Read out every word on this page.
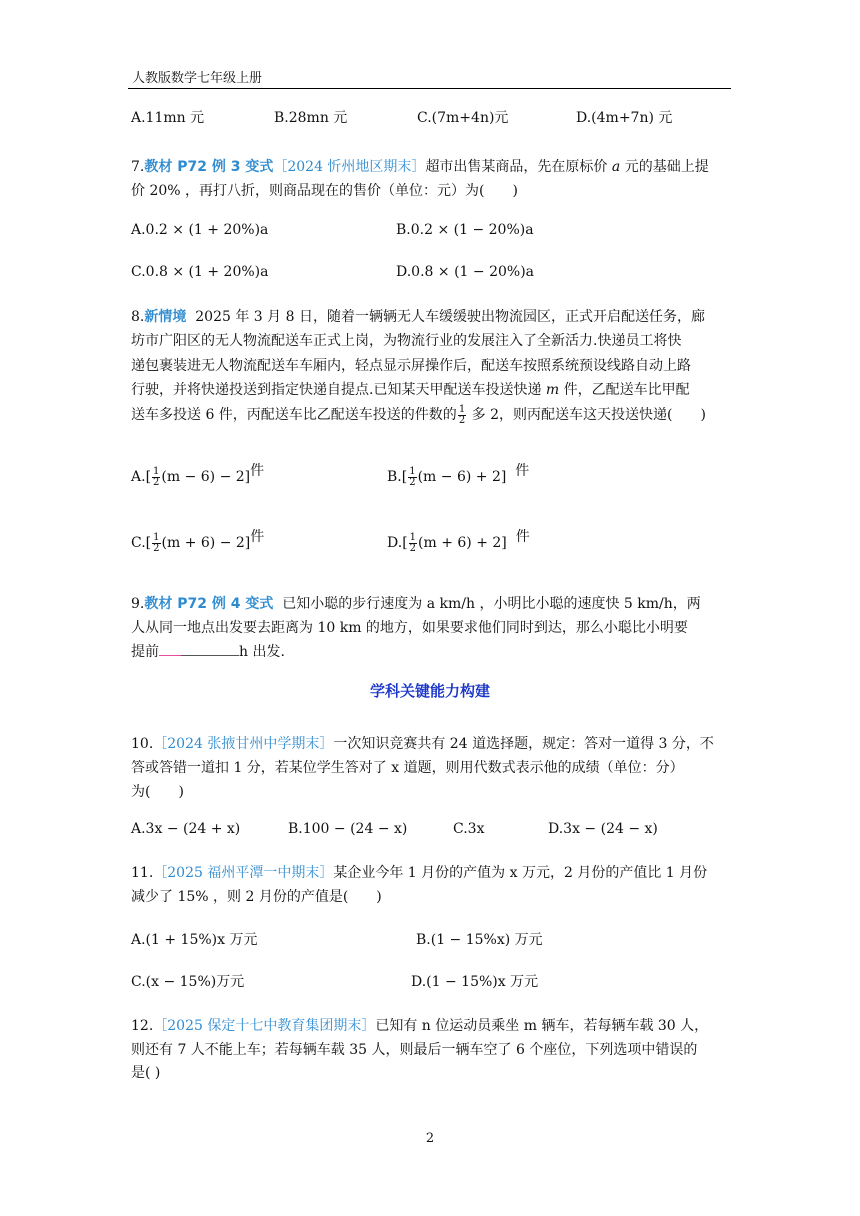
人教版数学七年级上册
A.11mn 元	B.28mn 元	C.(7m+4n)元	D.(4m+7n) 元
7.教材 P72 例 3 变式［2024 忻州地区期末］超市出售某商品，先在原标价 a 元的基础上提
价 20% ，再打八折，则商品现在的售价（单位：元）为(　　)
A.0.2 × (1 + 20%)a	B.0.2 × (1 − 20%)a
C.0.8 × (1 + 20%)a	D.0.8 × (1 − 20%)a
8.新情境 2025 年 3 月 8 日，随着一辆辆无人车缓缓驶出物流园区，正式开启配送任务，廊
坊市广阳区的无人物流配送车正式上岗，为物流行业的发展注入了全新活力.快递员工将快
递包裹装进无人物流配送车车厢内，轻点显示屏操作后，配送车按照系统预设线路自动上路
行驶，并将快递投送到指定快递自提点.已知某天甲配送车投送快递 m 件，乙配送车比甲配
送车多投送 6 件，丙配送车比乙配送车投送的件数的 $\frac{1}{2}$ 多 2，则丙配送车这天投送快递(　　)
$A.[ \frac{1}{2} (m - 6) - 2]$件	$B.[ \frac{1}{2} (m - 6) + 2]$ 件
$C.[ \frac{1}{2} (m + 6) - 2]$件	$D.[ \frac{1}{2} (m + 6) + 2]$ 件
9.教材 P72 例 4 变式 已知小聪的步行速度为 a km/h ，小明比小聪的速度快 5 km/h，两
人从同一地点出发要去距离为 10 km 的地方，如果要求他们同时到达，那么小聪比小明要
提前	h 出发.
学科关键能力构建
10.［2024 张掖甘州中学期末］一次知识竞赛共有 24 道选择题，规定：答对一道得 3 分，不
答或答错一道扣 1 分，若某位学生答对了 x 道题，则用代数式表示他的成绩（单位：分）
为(　　)
A.3x − (24 + x)	B.100 − (24 − x)	C.3x	D.3x − (24 − x)
11.［2025 福州平潭一中期末］某企业今年 1 月份的产值为 x 万元，2 月份的产值比 1 月份
减少了 15% ，则 2 月份的产值是(　　)
A.(1 + 15%)x 万元	B.(1 − 15%x) 万元
C.(x − 15%)万元	D.(1 − 15%)x 万元
12.［2025 保定十七中教育集团期末］已知有 n 位运动员乘坐 m 辆车，若每辆车载 30 人，
则还有 7 人不能上车；若每辆车载 35 人，则最后一辆车空了 6 个座位，下列选项中错误的
是( )
2
